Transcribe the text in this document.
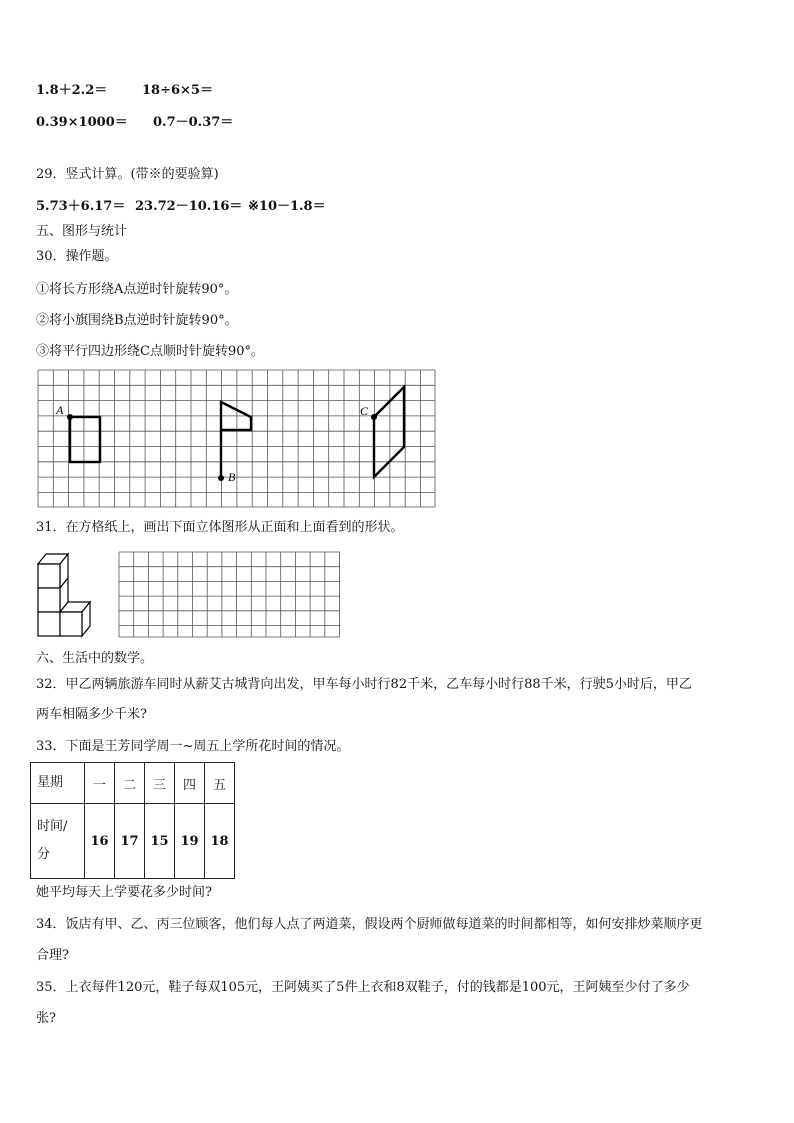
1.8＋2.2＝	18÷6×5＝
0.39×1000＝ 0.7－0.37＝
29．竖式计算。(带※的要验算)
5.73＋6.17＝ 23.72－10.16＝ ※10－1.8＝
五、图形与统计
30．操作题。
①将长方形绕A点逆时针旋转90°。
②将小旗围绕B点逆时针旋转90°。
③将平行四边形绕C点顺时针旋转90°。
A
B
C
31．在方格纸上，画出下面立体图形从正面和上面看到的形状。
六、生活中的数学。
32．甲乙两辆旅游车同时从薪艾古城背向出发，甲车每小时行82千米，乙车每小时行88千米，行驶5小时后，甲乙
两车相隔多少千米?
33．下面是王芳同学周一~周五上学所花时间的情况。
星期	一	二	三	四	五
时间/
分	16	17	15	19	18
她平均每天上学要花多少时间?
34．饭店有甲、乙、丙三位顾客，他们每人点了两道菜，假设两个厨师做每道菜的时间都相等，如何安排炒菜顺序更
合理?
35．上衣每件120元，鞋子每双105元，王阿姨买了5件上衣和8双鞋子，付的钱都是100元，王阿姨至少付了多少
张?
